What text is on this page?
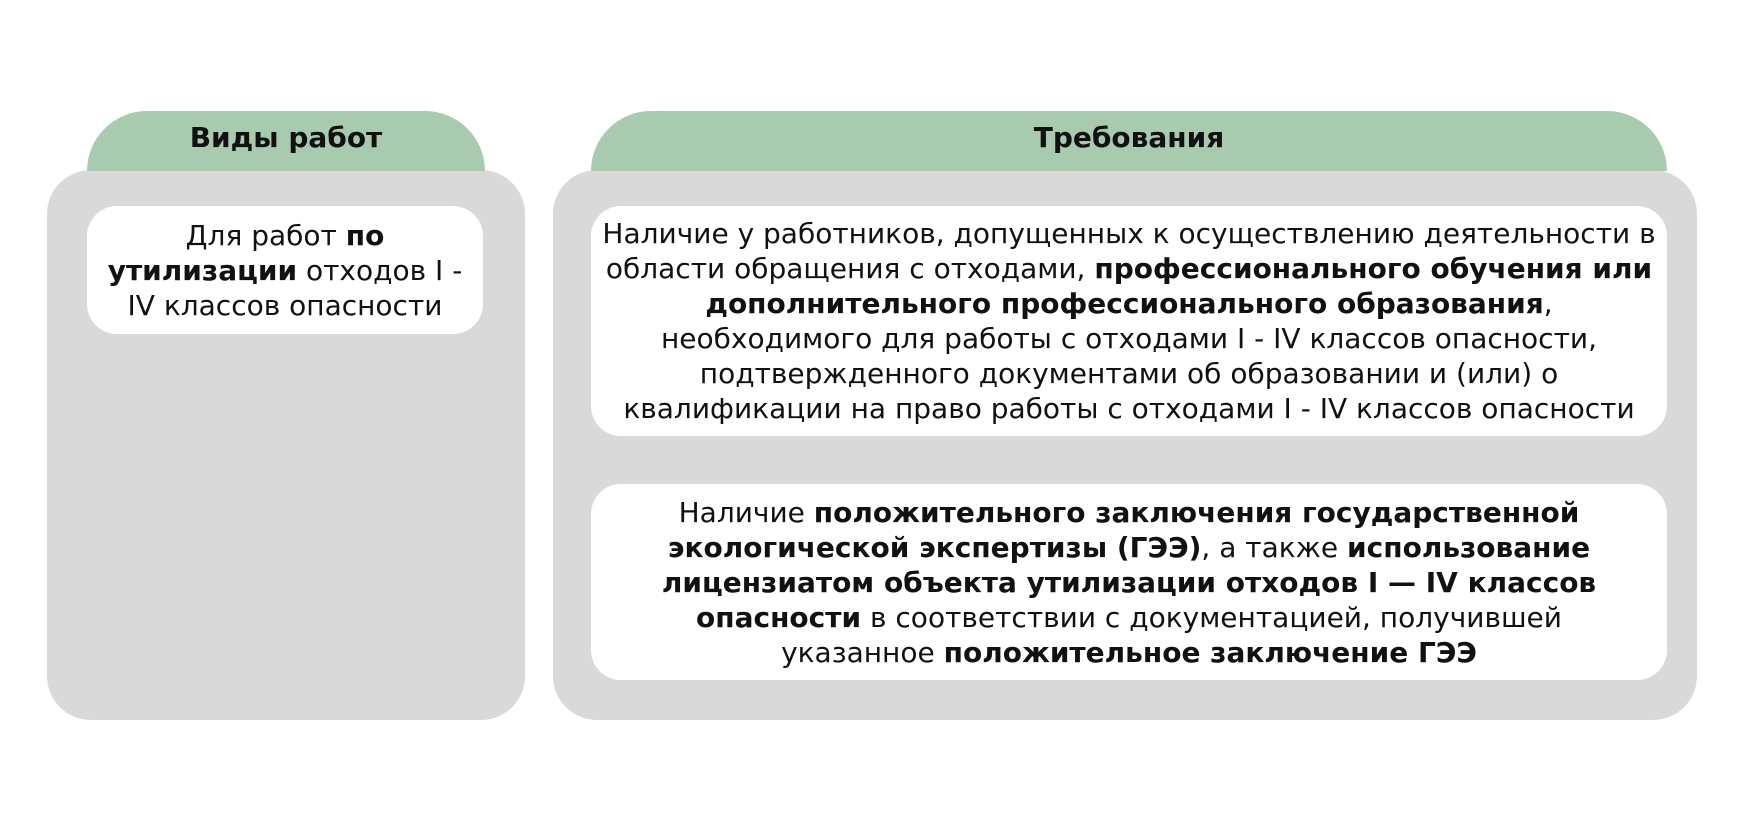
Виды работ

Для работ по утилизации отходов I - IV классов опасности

Требования

Наличие у работников, допущенных к осуществлению деятельности в области обращения с отходами, профессионального обучения или дополнительного профессионального образования, необходимого для работы с отходами I - IV классов опасности, подтвержденного документами об образовании и (или) о квалификации на право работы с отходами I - IV классов опасности

Наличие положительного заключения государственной экологической экспертизы (ГЭЭ), а также использование лицензиатом объекта утилизации отходов I — IV классов опасности в соответствии с документацией, получившей указанное положительное заключение ГЭЭ
